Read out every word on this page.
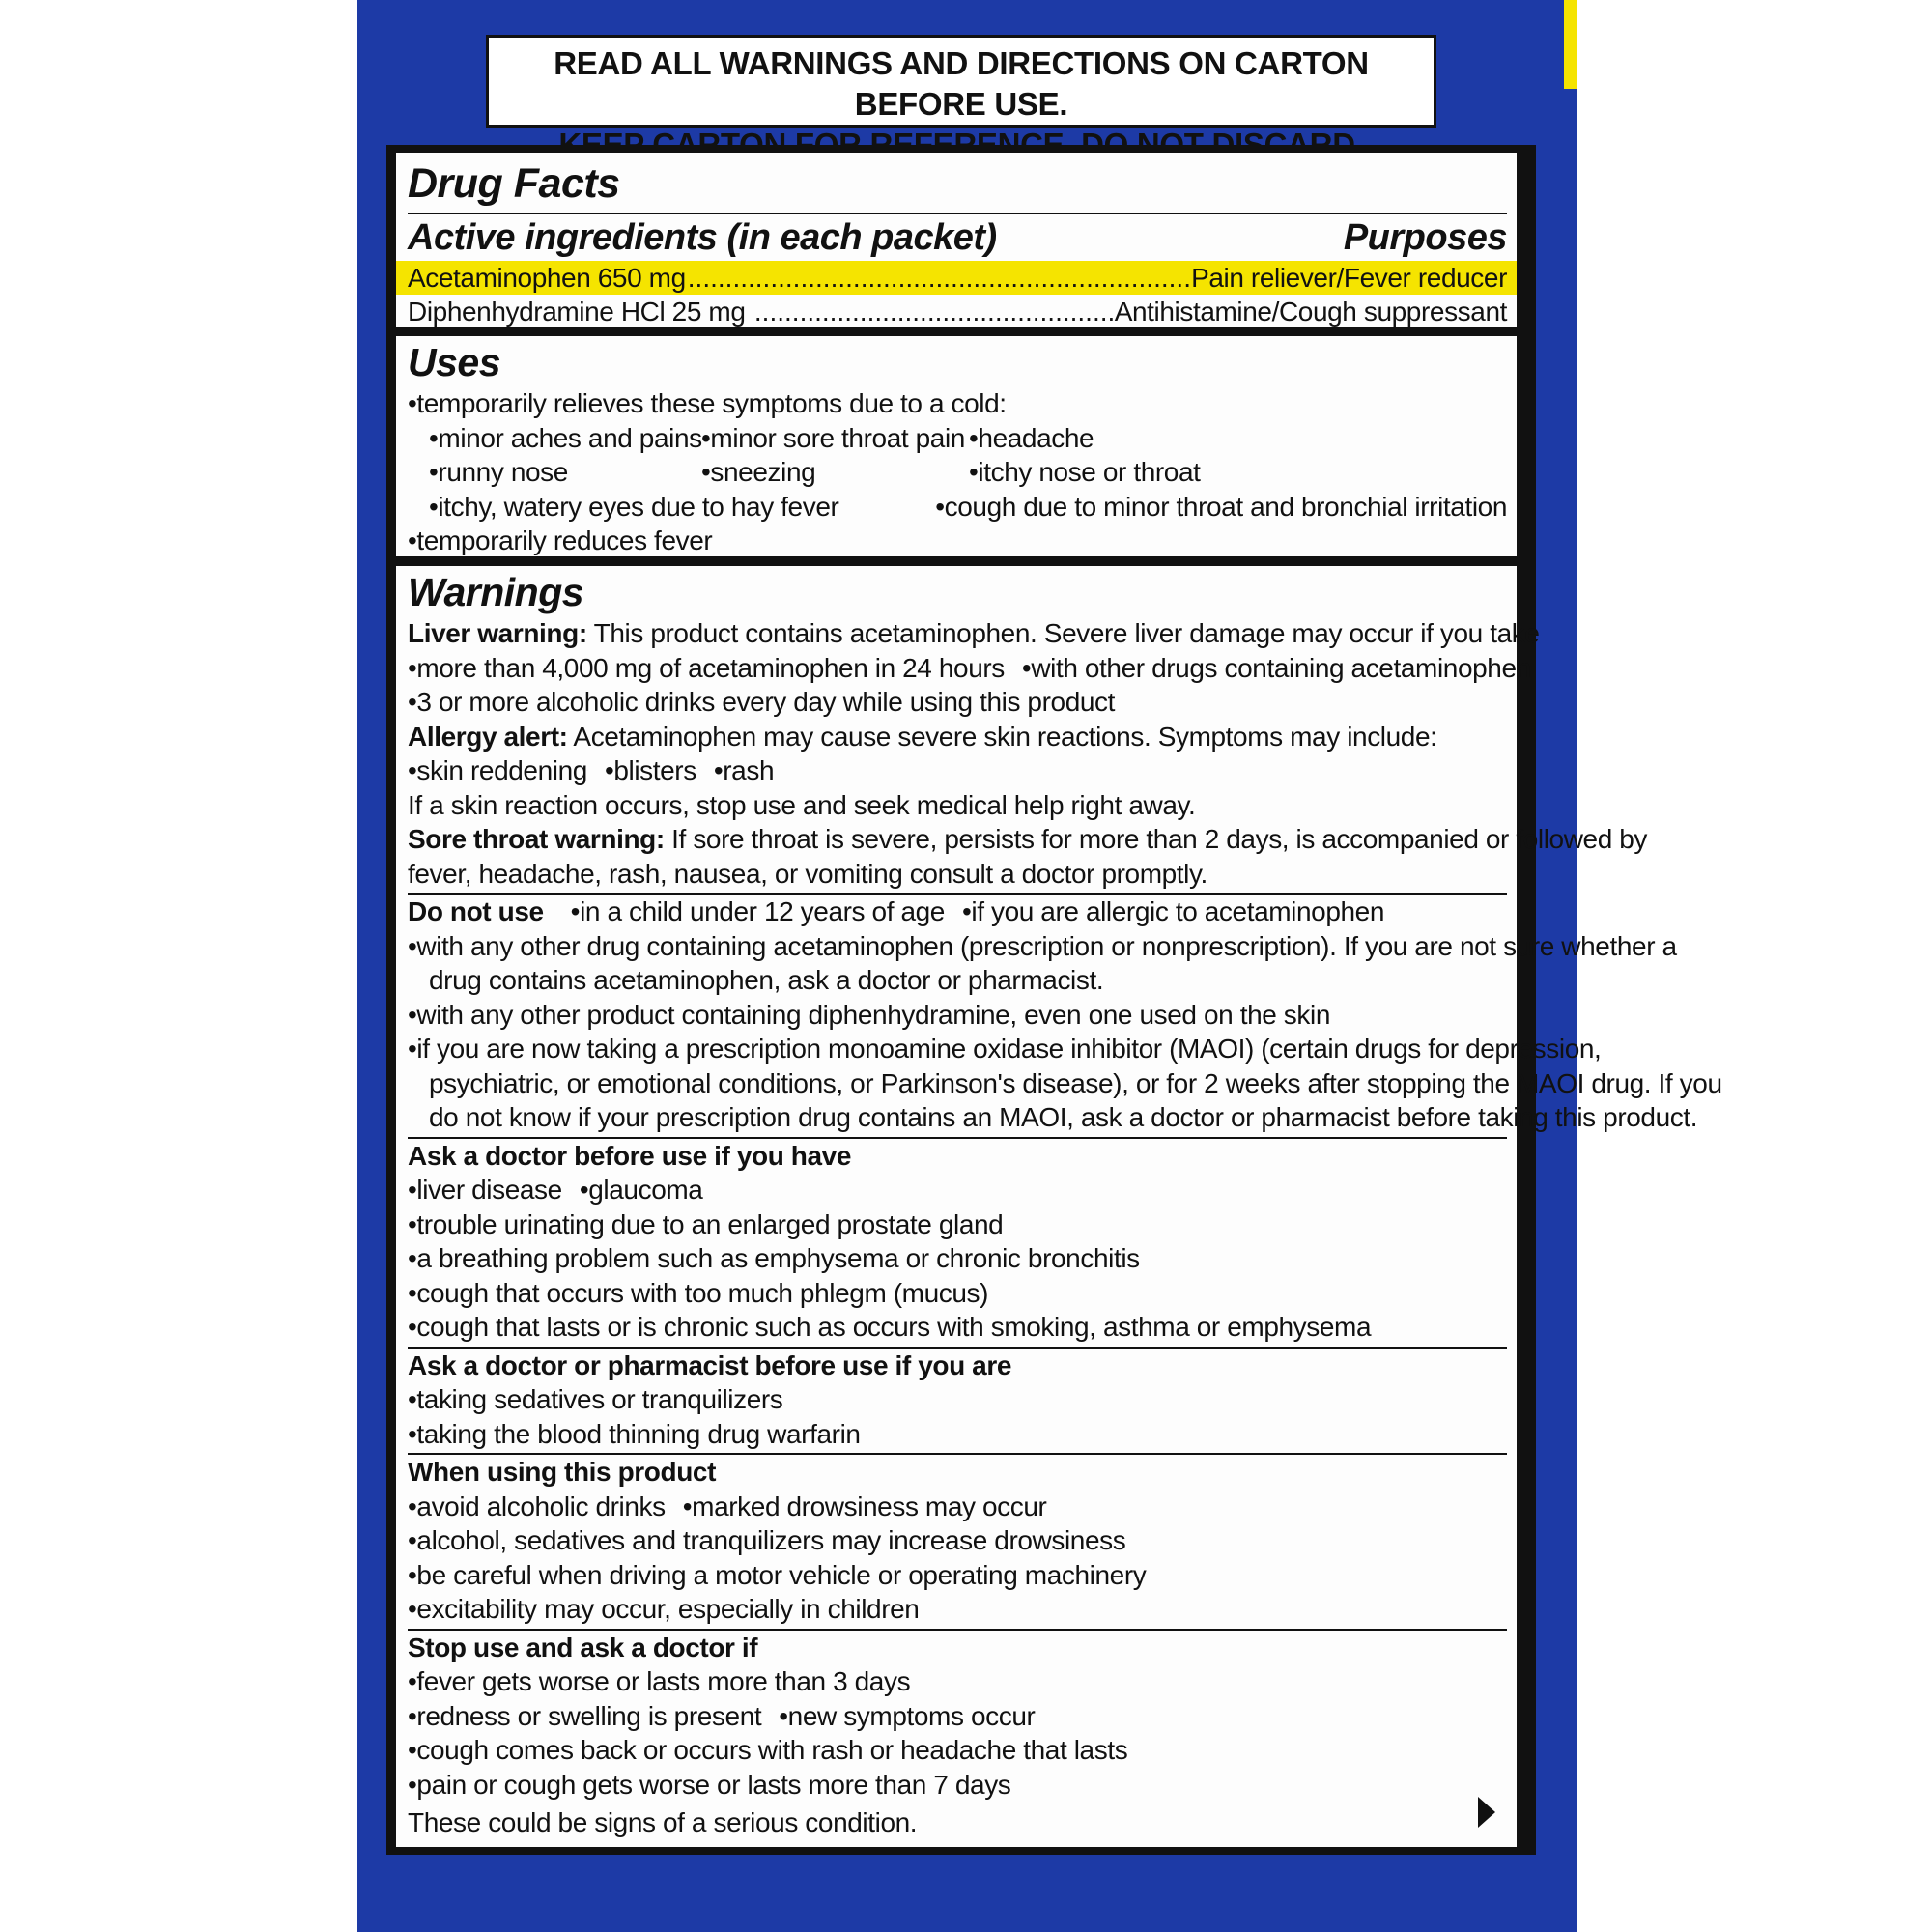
READ ALL WARNINGS AND DIRECTIONS ON CARTON BEFORE USE.
Drug Facts
Active ingredients (in each packet)	Purposes
Acetaminophen 650 mg .....	Pain reliever/Fever reducer
Diphenhydramine HCl 25 mg .....	Antihistamine/Cough suppressant
Uses
• temporarily relieves these symptoms due to a cold:
• minor aches and pains • minor sore throat pain • headache
• runny nose	• sneezing	• itchy nose or throat
• itchy, watery eyes due to hay fever	• cough due to minor throat and bronchial irritation
• temporarily reduces fever
Warnings
Liver warning: This product contains acetaminophen. Severe liver damage may occur if you take
• more than 4,000 mg of acetaminophen in 24 hours • with other drugs containing acetaminophen
• 3 or more alcoholic drinks every day while using this product
Allergy alert: Acetaminophen may cause severe skin reactions. Symptoms may include:
• skin reddening • blisters • rash
If a skin reaction occurs, stop use and seek medical help right away.
Sore throat warning: If sore throat is severe, persists for more than 2 days, is accompanied or followed by
fever, headache, rash, nausea, or vomiting consult a doctor promptly.
Do not use • in a child under 12 years of age • if you are allergic to acetaminophen
• with any other drug containing acetaminophen (prescription or nonprescription). If you are not sure whether a
drug contains acetaminophen, ask a doctor or pharmacist.
• with any other product containing diphenhydramine, even one used on the skin
• if you are now taking a prescription monoamine oxidase inhibitor (MAOI) (certain drugs for depression,
psychiatric, or emotional conditions, or Parkinson's disease), or for 2 weeks after stopping the MAOI drug. If you
do not know if your prescription drug contains an MAOI, ask a doctor or pharmacist before taking this product.
Ask a doctor before use if you have
• liver disease • glaucoma
• trouble urinating due to an enlarged prostate gland
• a breathing problem such as emphysema or chronic bronchitis
• cough that occurs with too much phlegm (mucus)
• cough that lasts or is chronic such as occurs with smoking, asthma or emphysema
Ask a doctor or pharmacist before use if you are
• taking sedatives or tranquilizers
• taking the blood thinning drug warfarin
When using this product
• avoid alcoholic drinks • marked drowsiness may occur
• alcohol, sedatives and tranquilizers may increase drowsiness
• be careful when driving a motor vehicle or operating machinery
• excitability may occur, especially in children
Stop use and ask a doctor if
• fever gets worse or lasts more than 3 days
• redness or swelling is present • new symptoms occur
• cough comes back or occurs with rash or headache that lasts
• pain or cough gets worse or lasts more than 7 days
These could be signs of a serious condition.
